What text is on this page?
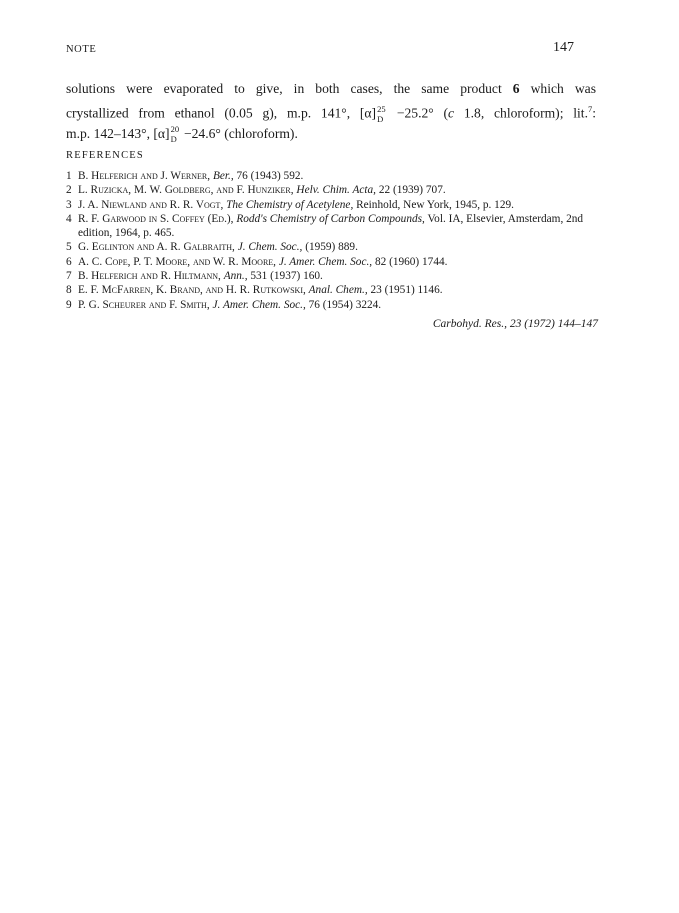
NOTE	147
solutions were evaporated to give, in both cases, the same product 6 which was
crystallized from ethanol (0.05 g), m.p. 141°, [α] 25
D −25.2° (c 1.8, chloroform); lit.$^7$:
m.p. 142–143°, [α] 20
D −24.6° (chloroform).
REFERENCES
1 B. Helferich and J. Werner, Ber., 76 (1943) 592.
2 L. Ruzicka, M. W. Goldberg, and F. Hunziker, Helv. Chim. Acta, 22 (1939) 707.
3 J. A. Niewland and R. R. Vogt, The Chemistry of Acetylene, Reinhold, New York, 1945, p. 129.
4 R. F. Garwood in S. Coffey (Ed.), Rodd's Chemistry of Carbon Compounds, Vol. IA, Elsevier, Amsterdam, 2nd edition, 1964, p. 465.
5 G. Eglinton and A. R. Galbraith, J. Chem. Soc., (1959) 889.
6 A. C. Cope, P. T. Moore, and W. R. Moore, J. Amer. Chem. Soc., 82 (1960) 1744.
7 B. Helferich and R. Hiltmann, Ann., 531 (1937) 160.
8 E. F. McFarren, K. Brand, and H. R. Rutkowski, Anal. Chem., 23 (1951) 1146.
9 P. G. Scheurer and F. Smith, J. Amer. Chem. Soc., 76 (1954) 3224.
Carbohyd. Res., 23 (1972) 144–147
